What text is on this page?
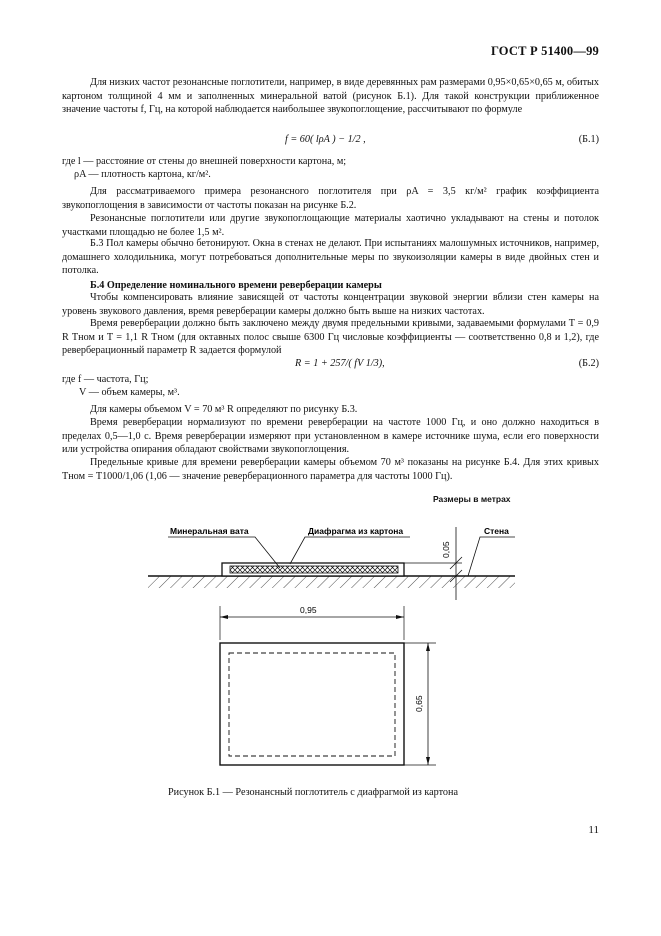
ГОСТ Р 51400—99
Для низких частот резонансные поглотители, например, в виде деревянных рам размерами 0,95×0,65×0,65 м, обитых картоном толщиной 4 мм и заполненных минеральной ватой (рисунок Б.1). Для такой конструкции приближенное значение частоты f, Гц, на которой наблюдается наибольшее звукопоглощение, рассчитывают по формуле
f = 60( lρA ) − 1/2 ,	(Б.1)
где l — расстояние от стены до внешней поверхности картона, м;
ρA — плотность картона, кг/м².
Для рассматриваемого примера резонансного поглотителя при ρA = 3,5 кг/м² график коэффициента звукопоглощения в зависимости от частоты показан на рисунке Б.2.
Резонансные поглотители или другие звукопоглощающие материалы хаотично укладывают на стены и потолок участками площадью не более 1,5 м².
Б.3 Пол камеры обычно бетонируют. Окна в стенах не делают. При испытаниях малошумных источников, например, домашнего холодильника, могут потребоваться дополнительные меры по звукоизоляции камеры в виде двойных стен и потолка.
Б.4 Определение номинального времени реверберации камеры
Чтобы компенсировать влияние зависящей от частоты концентрации звуковой энергии вблизи стен камеры на уровень звукового давления, время реверберации камеры должно быть выше на низких частотах.
Время реверберации должно быть заключено между двумя предельными кривыми, задаваемыми формулами T = 0,9 R Tном и T = 1,1 R Tном (для октавных полос свыше 6300 Гц числовые коэффициенты — соответственно 0,8 и 1,2), где реверберационный параметр R задается формулой
R = 1 + 257/( fV 1/3),	(Б.2)
где f — частота, Гц;
V — объем камеры, м³.
Для камеры объемом V = 70 м³ R определяют по рисунку Б.3.
Время реверберации нормализуют по времени реверберации на частоте 1000 Гц, и оно должно находиться в пределах 0,5—1,0 с. Время реверберации измеряют при установленном в камере источнике шума, если его поверхности или устройства опирания обладают свойствами звукопоглощения.
Предельные кривые для времени реверберации камеры объемом 70 м³ показаны на рисунке Б.4. Для этих кривых Tном = T1000/1,06 (1,06 — значение реверберационного параметра для частоты 1000 Гц).
Размеры в метрах
Минеральная вата	Диафрагма из картона	Стена
0,05
0,95
0,65
Рисунок Б.1 — Резонансный поглотитель с диафрагмой из картона
11
